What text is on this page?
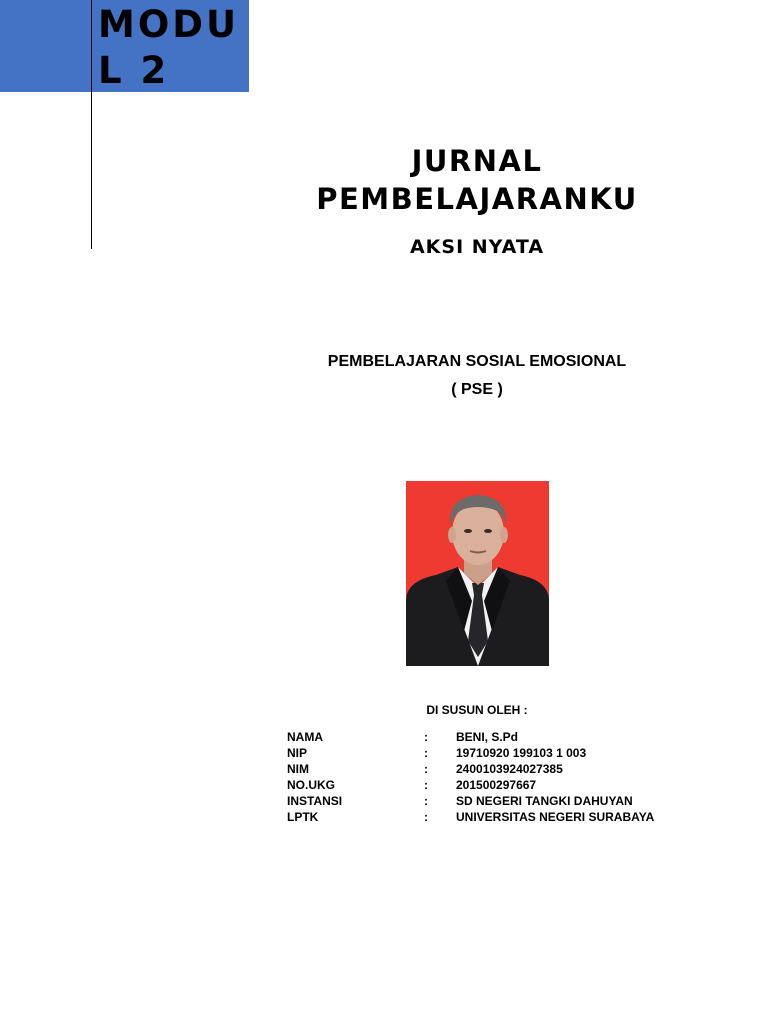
MODUL 2
JURNAL PEMBELAJARANKU
AKSI NYATA
PEMBELAJARAN SOSIAL EMOSIONAL
( PSE )
DI SUSUN OLEH :
NAMA	:	BENI, S.Pd
NIP	:	19710920 199103 1 003
NIM	:	2400103924027385
NO.UKG	:	201500297667
INSTANSI	:	SD NEGERI TANGKI DAHUYAN
LPTK	:	UNIVERSITAS NEGERI SURABAYA
